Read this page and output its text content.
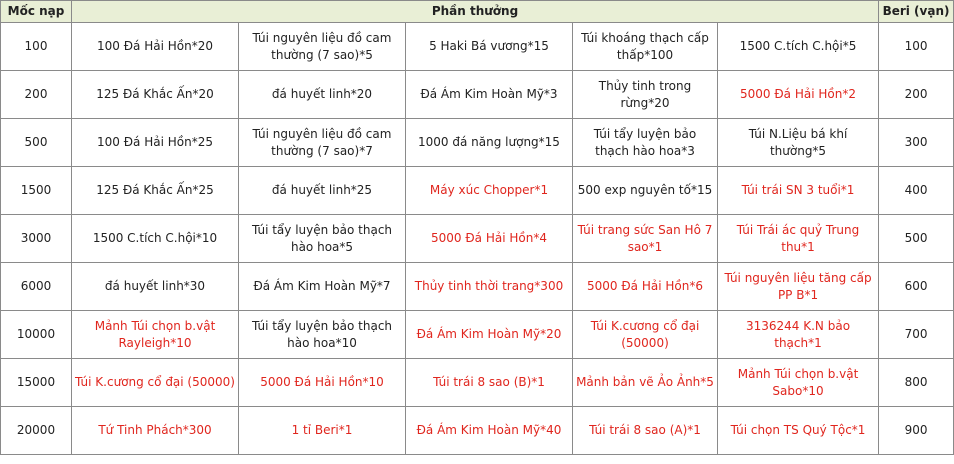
Mốc nạp	Phần thưởng					Beri (vạn)
100	100 Đá Hải Hồn*20	Túi nguyên liệu đồ cam thường (7 sao)*5	5 Haki Bá vương*15	Túi khoáng thạch cấp thấp*100	1500 C.tích C.hội*5	100
200	125 Đá Khắc Ấn*20	đá huyết linh*20	Đá Ám Kim Hoàn Mỹ*3	Thủy tinh trong rừng*20	5000 Đá Hải Hồn*2	200
500	100 Đá Hải Hồn*25	Túi nguyên liệu đồ cam thường (7 sao)*7	1000 đá năng lượng*15	Túi tẩy luyện bảo thạch hào hoa*3	Túi N.Liệu bá khí thường*5	300
1500	125 Đá Khắc Ấn*25	đá huyết linh*25	Máy xúc Chopper*1	500 exp nguyên tố*15	Túi trái SN 3 tuổi*1	400
3000	1500 C.tích C.hội*10	Túi tẩy luyện bảo thạch hào hoa*5	5000 Đá Hải Hồn*4	Túi trang sức San Hô 7 sao*1	Túi Trái ác quỷ Trung thu*1	500
6000	đá huyết linh*30	Đá Ám Kim Hoàn Mỹ*7	Thủy tinh thời trang*300	5000 Đá Hải Hồn*6	Túi nguyên liệu tăng cấp PP B*1	600
10000	Mảnh Túi chọn b.vật Rayleigh*10	Túi tẩy luyện bảo thạch hào hoa*10	Đá Ám Kim Hoàn Mỹ*20	Túi K.cương cổ đại (50000)	3136244 K.N bảo thạch*1	700
15000	Túi K.cương cổ đại (50000)	5000 Đá Hải Hồn*10	Túi trái 8 sao (B)*1	Mảnh bản vẽ Ảo Ảnh*5	Mảnh Túi chọn b.vật Sabo*10	800
20000	Tứ Tinh Phách*300	1 tỉ Beri*1	Đá Ám Kim Hoàn Mỹ*40	Túi trái 8 sao (A)*1	Túi chọn TS Quý Tộc*1	900
